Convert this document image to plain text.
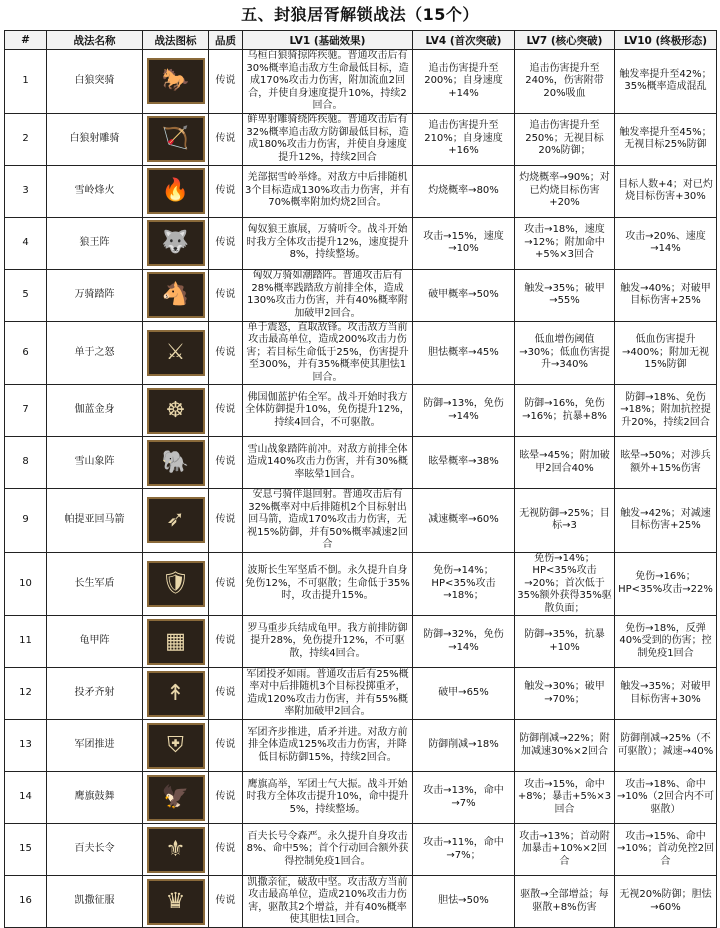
五、封狼居胥解锁战法（15个）
#	战法名称	战法图标	品质	LV1 (基础效果)	LV4 (首次突破)	LV7 (核心突破)	LV10 (终极形态)
1	白狼突骑	🐎	传说	乌桓白狼骑掠阵疾驰。普通攻击后有30%概率追击敌方生命最低目标，造成170%攻击力伤害，附加流血2回合，并使自身速度提升10%，持续2回合。	追击伤害提升至200%；自身速度+14%	追击伤害提升至240%，伤害附带20%吸血	触发率提升至42%；35%概率造成混乱
2	白狼射雕骑	🏹	传说	鲜卑射雕骑绕阵疾驰。普通攻击后有32%概率追击敌方防御最低目标，造成180%攻击力伤害，并使自身速度提升12%，持续2回合	追击伤害提升至210%；自身速度+16%	追击伤害提升至250%；无视目标20%防御；	触发率提升至45%；无视目标25%防御
3	雪岭烽火	🔥	传说	羌部据雪岭举烽。对敌方中后排随机3个目标造成130%攻击力伤害，并有70%概率附加灼烧2回合。	灼烧概率→80%	灼烧概率→90%；对已灼烧目标伤害+20%	目标人数+4；对已灼烧目标伤害+30%
4	狼王阵	🐺	传说	匈奴狼王旗展，万骑听令。战斗开始时我方全体攻击提升12%，速度提升8%，持续整场。	攻击→15%，速度→10%	攻击→18%，速度→12%；附加命中+5%×3回合	攻击→20%、速度→14%
5	万骑踏阵	🐴	传说	匈奴万骑如潮踏阵。普通攻击后有28%概率践踏敌方前排全体，造成130%攻击力伤害，并有40%概率附加破甲2回合。	破甲概率→50%	触发→35%；破甲→55%	触发→40%；对破甲目标伤害+25%
6	单于之怒	⚔	传说	单于震怒，直取敌锋。攻击敌方当前攻击最高单位，造成200%攻击力伤害；若目标生命低于25%，伤害提升至300%，并有35%概率使其胆怯1回合。	胆怯概率→45%	低血增伤阈值→30%；低血伤害提升→340%	低血伤害提升→400%；附加无视15%防御
7	伽蓝金身	☸	传说	佛国伽蓝护佑全军。战斗开始时我方全体防御提升10%，免伤提升12%，持续4回合，不可驱散。	防御→13%，免伤→14%	防御→16%，免伤→16%；抗暴+8%	防御→18%、免伤→18%；附加抗控提升20%，持续2回合
8	雪山象阵	🐘	传说	雪山战象踏阵前冲。对敌方前排全体造成140%攻击力伤害，并有30%概率眩晕1回合。	眩晕概率→38%	眩晕→45%；附加破甲2回合40%	眩晕→50%；对涉兵额外+15%伤害
9	帕提亚回马箭	➶	传说	安息弓骑佯退回射。普通攻击后有32%概率对中后排随机2个目标射出回马箭，造成170%攻击力伤害，无视15%防御，并有50%概率减速2回合	减速概率→60%	无视防御→25%；目标→3	触发→42%；对减速目标伤害+25%
10	长生军盾	🛡	传说	波斯长生军坚盾不倒。永久提升自身免伤12%，不可驱散；生命低于35%时，攻击提升15%。	免伤→14%；HP<35%攻击→18%；	免伤→14%；HP<35%攻击→20%；首次低于35%额外获得35%驱散负面；	免伤→16%；HP<35%攻击→22%
11	龟甲阵	▦	传说	罗马重步兵结成龟甲。我方前排防御提升28%，免伤提升12%，不可驱散，持续4回合。	防御→32%，免伤→14%	防御→35%，抗暴+10%	免伤→18%，反弹40%受到的伤害；控制免疫1回合
12	投矛齐射	↟	传说	军团投矛如雨。普通攻击后有25%概率对中后排随机3个目标投掷重矛，造成120%攻击力伤害，并有55%概率附加破甲2回合。	破甲→65%	触发→30%；破甲→70%；	触发→35%；对破甲目标伤害+30%
13	军团推进	⛨	传说	军团齐步推进，盾矛并进。对敌方前排全体造成125%攻击力伤害，并降低目标防御15%，持续2回合。	防御削减→18%	防御削减→22%；附加减速30%×2回合	防御削减→25%（不可驱散）；减速→40%
14	鹰旗鼓舞	🦅	传说	鹰旗高举，军团士气大振。战斗开始时我方全体攻击提升10%，命中提升5%，持续整场。	攻击→13%，命中→7%	攻击→15%，命中+8%；暴击+5%×3回合	攻击→18%、命中→10%（2回合内不可驱散）
15	百夫长令	⚜	传说	百夫长号令森严。永久提升自身攻击8%、命中5%；首个行动回合额外获得控制免疫1回合。	攻击→11%，命中→7%；	攻击→13%；首动附加暴击+10%×2回合	攻击→15%、命中→10%；首动免控2回合
16	凯撒征服	♛	传说	凯撒亲征，破敌中坚。攻击敌方当前攻击最高单位，造成210%攻击力伤害，驱散其2个增益，并有40%概率使其胆怯1回合。	胆怯→50%	驱散→全部增益；每驱散+8%伤害	无视20%防御；胆怯→60%
